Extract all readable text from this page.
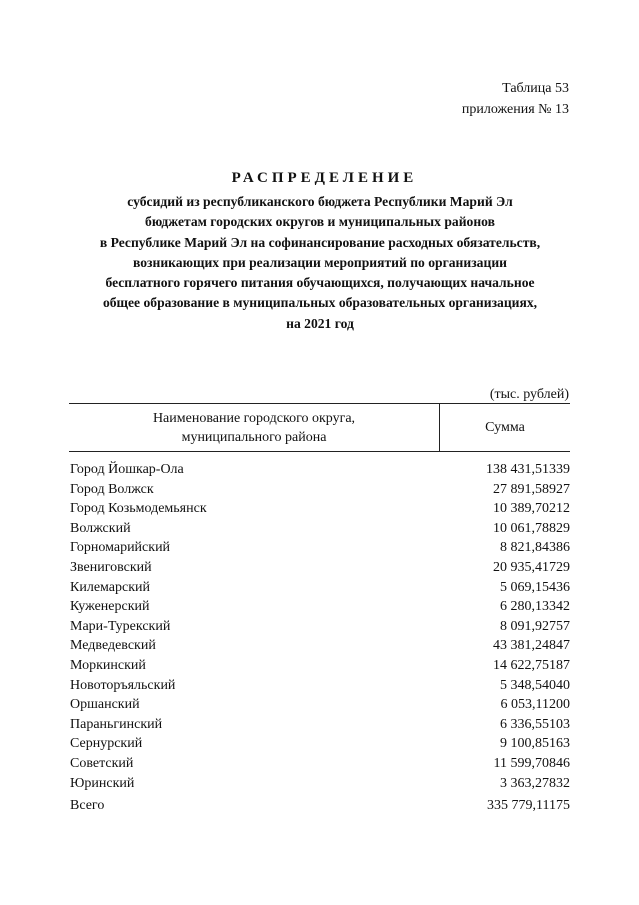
Таблица 53
приложения № 13
РАСПРЕДЕЛЕНИЕ
субсидий из республиканского бюджета Республики Марий Эл
бюджетам городских округов и муниципальных районов
в Республике Марий Эл на софинансирование расходных обязательств,
возникающих при реализации мероприятий по организации
бесплатного горячего питания обучающихся, получающих начальное
общее образование в муниципальных образовательных организациях,
на 2021 год
(тыс. рублей)
Наименование городского округа,
муниципального района
Сумма
Город Йошкар-Ола	138 431,51339
Город Волжск	27 891,58927
Город Козьмодемьянск	10 389,70212
Волжский	10 061,78829
Горномарийский	8 821,84386
Звениговский	20 935,41729
Килемарский	5 069,15436
Куженерский	6 280,13342
Мари-Турекский	8 091,92757
Медведевский	43 381,24847
Моркинский	14 622,75187
Новоторъяльский	5 348,54040
Оршанский	6 053,11200
Параньгинский	6 336,55103
Сернурский	9 100,85163
Советский	11 599,70846
Юринский	3 363,27832
Всего	335 779,11175
